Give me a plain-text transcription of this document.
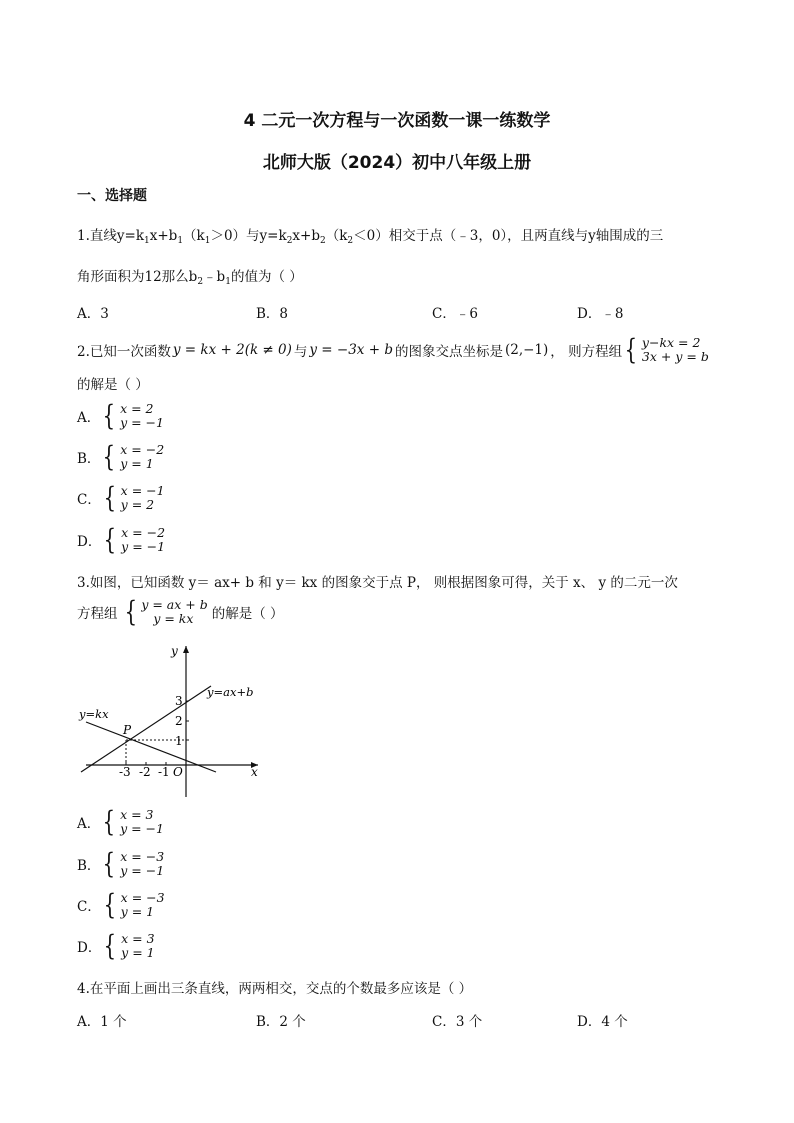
4 二元一次方程与一次函数一课一练数学
北师大版（2024）初中八年级上册
一、选择题
1.直线$y=k_1x+b_1(k_1>0)$与$y=k_2x+b_2(k_2<0)$相交于点（﹣3，0），且两直线与y轴围成的三
角形面积为12那么$b_2﹣b_1$的值为（ ）
A．3	B．8	C．﹣6	D．﹣8
2.已知一次函数 y = kx + 2(k ≠ 0) 与 y = −3x + b 的图象交点坐标是 (2,−1) ， 则方程组 { y−kx = 2
3x + y = b
的解是（ ）
A． { x = 2
y = −1
B． { x = −2
y = 1
C． { x = −1
y = 2
D． { x = −2
y = −1
3.如图，已知函数 y＝ ax+ b 和 y＝ kx 的图象交于点 P， 则根据图象可得，关于 x、 y 的二元一次
方程组 { y = ax + b
y = kx	的解是（ ）
y
x
O
P
y=ax+b
y=kx
3
2
1
-3 -2 -1
A． { x = 3
y = −1
B． { x = −3
y = −1
C． { x = −3
y = 1
D． { x = 3
y = 1
4.在平面上画出三条直线，两两相交，交点的个数最多应该是（ ）
A．1 个	B．2 个	C．3 个	D．4 个
